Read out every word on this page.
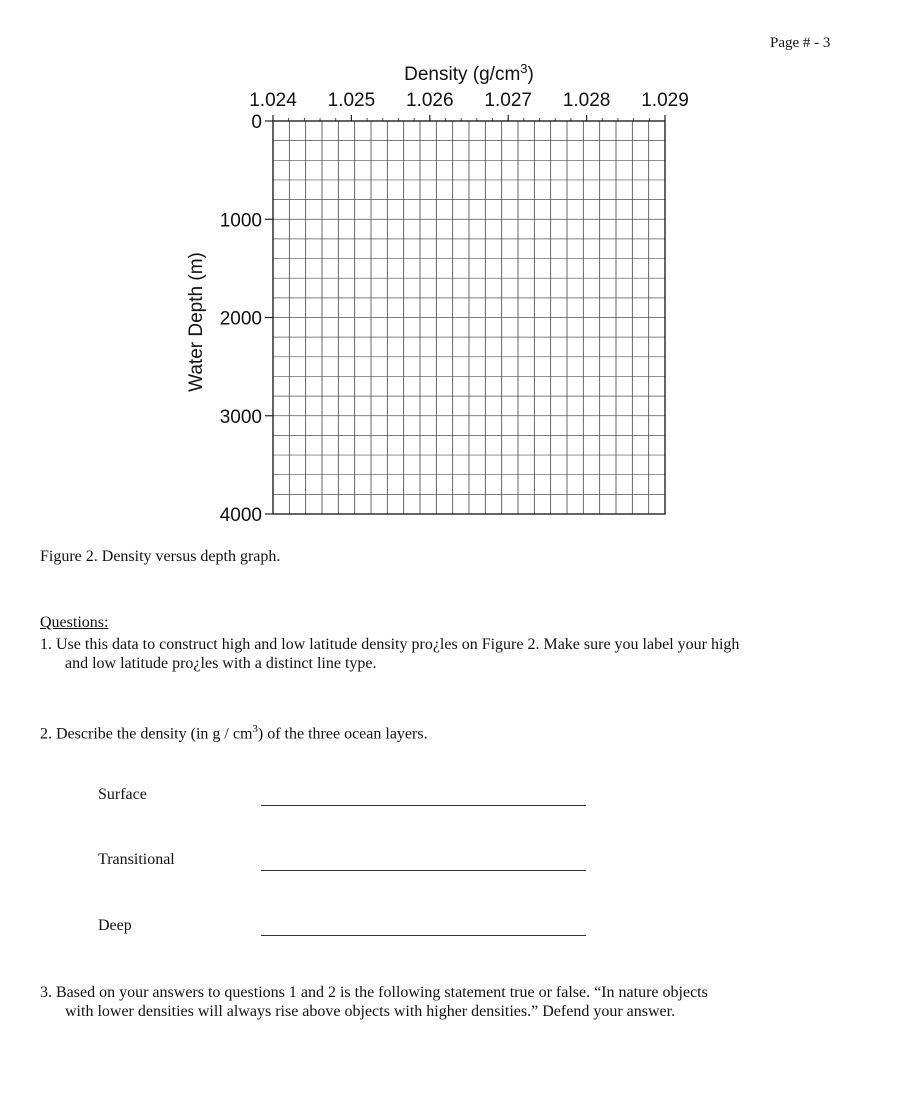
Page # - 3
Density $(g/cm^3)$
Water Depth (m)
1.024 1.025 1.026 1.027 1.028 1.029
0
1000
2000
3000
4000
Figure 2. Density versus depth graph.
Questions:
1. Use this data to construct high and low latitude density pro¿les on Figure 2. Make sure you label your high
and low latitude pro¿les with a distinct line type.
2. Describe the density (in g / $cm^3$) of the three ocean layers.
Surface
Transitional
Deep
3. Based on your answers to questions 1 and 2 is the following statement true or false. “In nature objects
with lower densities will always rise above objects with higher densities.” Defend your answer.
